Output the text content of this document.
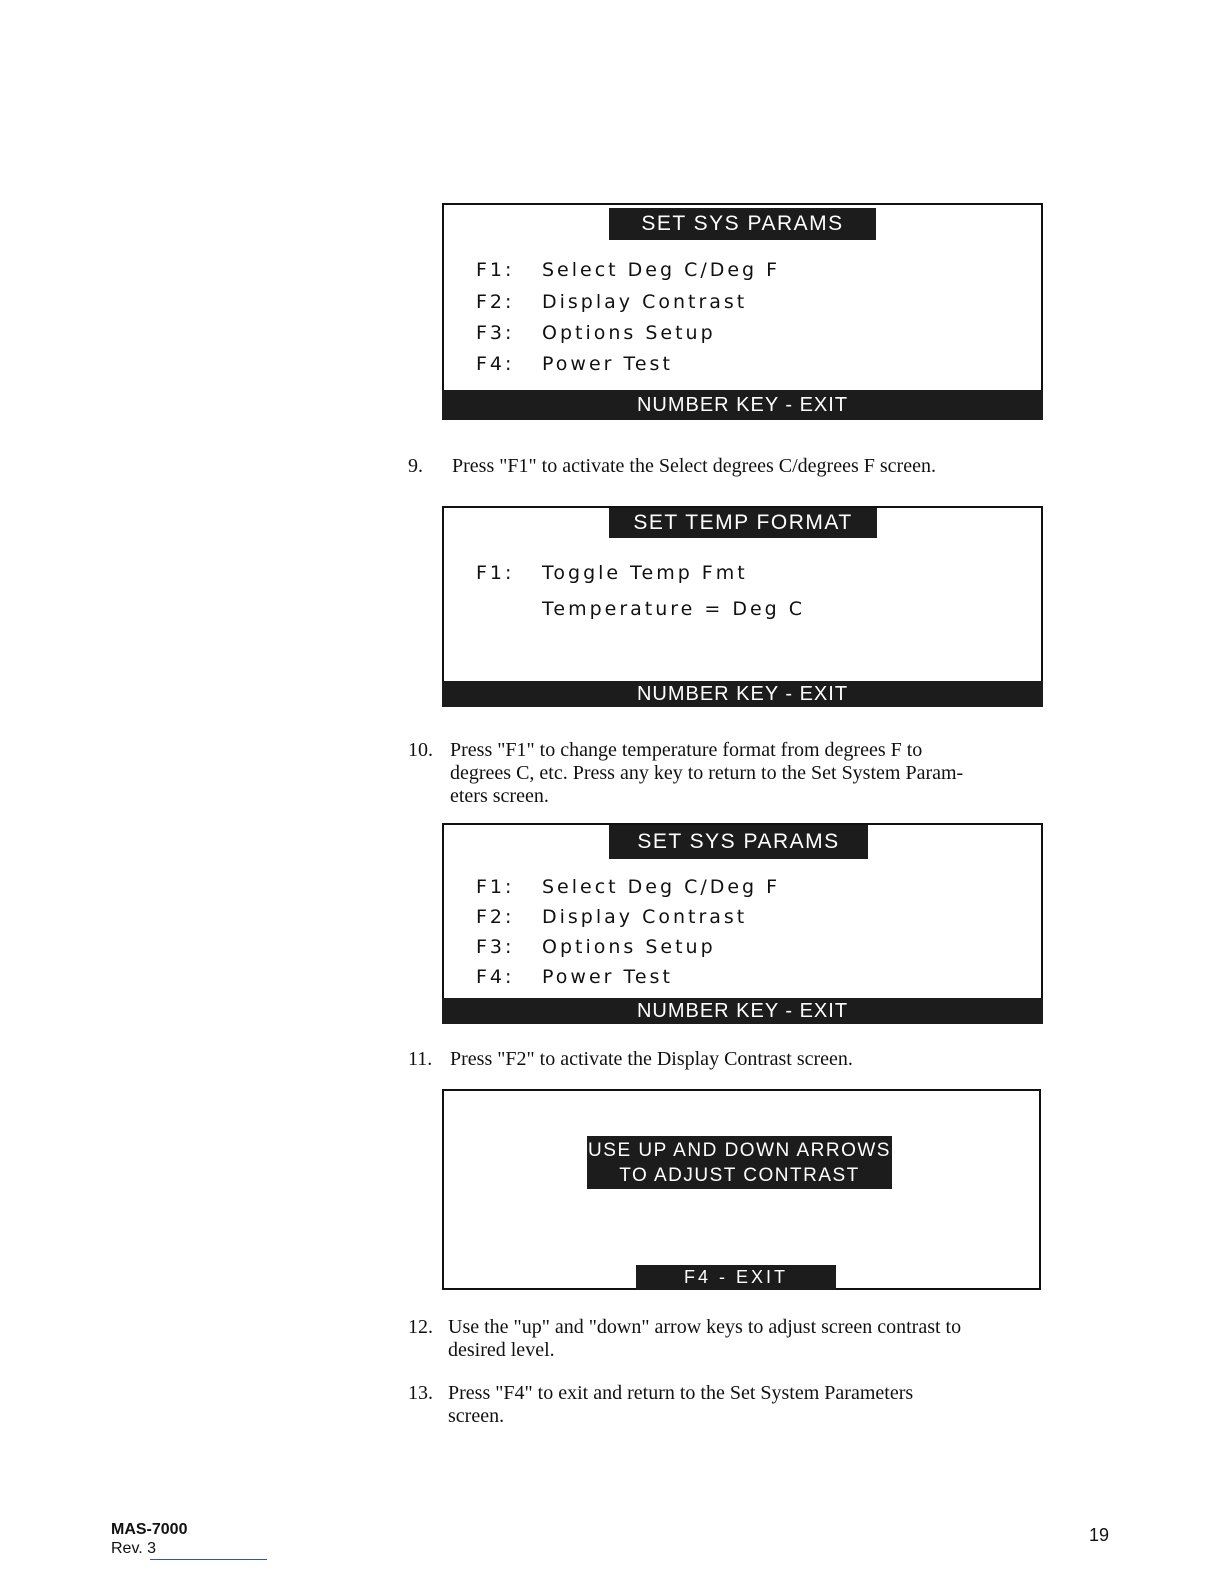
SET SYS PARAMS
F1: Select Deg C/Deg F
F2: Display Contrast
F3: Options Setup
F4: Power Test
NUMBER KEY - EXIT
9. Press "F1" to activate the Select degrees C/degrees F screen.
SET TEMP FORMAT
F1: Toggle Temp Fmt
Temperature = Deg C
NUMBER KEY - EXIT
10. Press "F1" to change temperature format from degrees F to
degrees C, etc. Press any key to return to the Set System Param-
eters screen.
SET SYS PARAMS
F1: Select Deg C/Deg F
F2: Display Contrast
F3: Options Setup
F4: Power Test
NUMBER KEY - EXIT
11. Press "F2" to activate the Display Contrast screen.
USE UP AND DOWN ARROWS
TO ADJUST CONTRAST
F4 - EXIT
12. Use the "up" and "down" arrow keys to adjust screen contrast to
desired level.
13. Press "F4" to exit and return to the Set System Parameters
screen.
MAS-7000
Rev. 3
19
